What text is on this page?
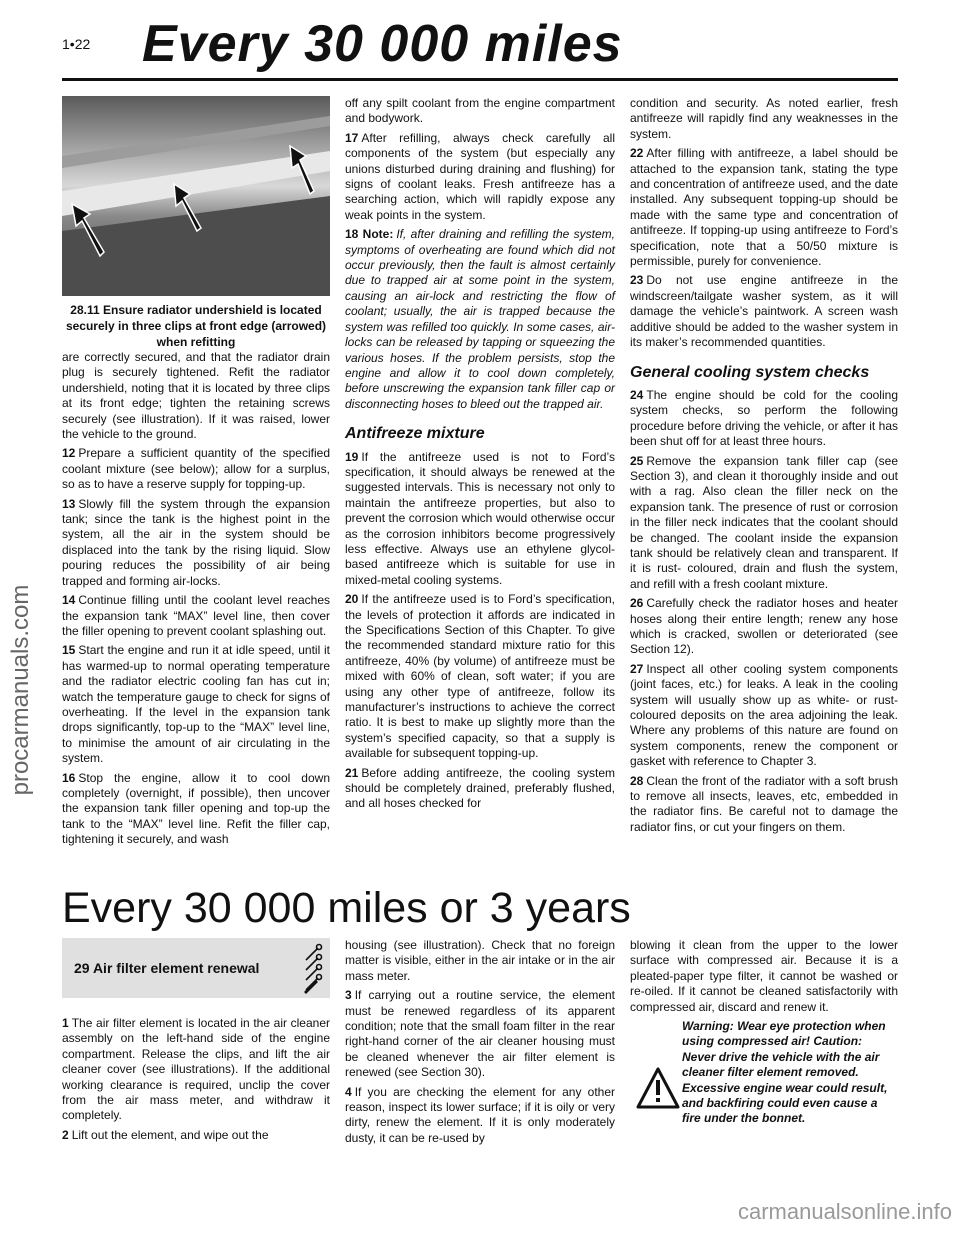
1•22 Every 30 000 miles
procarmanuals.com
28.11 Ensure radiator undershield is located securely in three clips at front edge (arrowed) when refitting

are correctly secured, and that the radiator drain plug is securely tightened. Refit the radiator undershield, noting that it is located by three clips at its front edge; tighten the retaining screws securely (see illustration). If it was raised, lower the vehicle to the ground.

12 Prepare a sufficient quantity of the specified coolant mixture (see below); allow for a surplus, so as to have a reserve supply for topping-up.

13 Slowly fill the system through the expansion tank; since the tank is the highest point in the system, all the air in the system should be displaced into the tank by the rising liquid. Slow pouring reduces the possibility of air being trapped and forming air-locks.

14 Continue filling until the coolant level reaches the expansion tank “MAX” level line, then cover the filler opening to prevent coolant splashing out.

15 Start the engine and run it at idle speed, until it has warmed-up to normal operating temperature and the radiator electric cooling fan has cut in; watch the temperature gauge to check for signs of overheating. If the level in the expansion tank drops significantly, top-up to the “MAX” level line, to minimise the amount of air circulating in the system.

16 Stop the engine, allow it to cool down completely (overnight, if possible), then uncover the expansion tank filler opening and top-up the tank to the “MAX” level line. Refit the filler cap, tightening it securely, and wash

off any spilt coolant from the engine compartment and bodywork.

17 After refilling, always check carefully all components of the system (but especially any unions disturbed during draining and flushing) for signs of coolant leaks. Fresh antifreeze has a searching action, which will rapidly expose any weak points in the system.

18 Note: If, after draining and refilling the system, symptoms of overheating are found which did not occur previously, then the fault is almost certainly due to trapped air at some point in the system, causing an air-lock and restricting the flow of coolant; usually, the air is trapped because the system was refilled too quickly. In some cases, air-locks can be released by tapping or squeezing the various hoses. If the problem persists, stop the engine and allow it to cool down completely, before unscrewing the expansion tank filler cap or disconnecting hoses to bleed out the trapped air.

Antifreeze mixture

19 If the antifreeze used is not to Ford’s specification, it should always be renewed at the suggested intervals. This is necessary not only to maintain the antifreeze properties, but also to prevent the corrosion which would otherwise occur as the corrosion inhibitors become progressively less effective. Always use an ethylene glycol-based antifreeze which is suitable for use in mixed-metal cooling systems.

20 If the antifreeze used is to Ford’s specification, the levels of protection it affords are indicated in the Specifications Section of this Chapter. To give the recommended standard mixture ratio for this antifreeze, 40% (by volume) of antifreeze must be mixed with 60% of clean, soft water; if you are using any other type of antifreeze, follow its manufacturer’s instructions to achieve the correct ratio. It is best to make up slightly more than the system’s specified capacity, so that a supply is available for subsequent topping-up.

21 Before adding antifreeze, the cooling system should be completely drained, preferably flushed, and all hoses checked for

condition and security. As noted earlier, fresh antifreeze will rapidly find any weaknesses in the system.

22 After filling with antifreeze, a label should be attached to the expansion tank, stating the type and concentration of antifreeze used, and the date installed. Any subsequent topping-up should be made with the same type and concentration of antifreeze. If topping-up using antifreeze to Ford’s specification, note that a 50/50 mixture is permissible, purely for convenience.

23 Do not use engine antifreeze in the windscreen/tailgate washer system, as it will damage the vehicle’s paintwork. A screen wash additive should be added to the washer system in its maker’s recommended quantities.

General cooling system checks

24 The engine should be cold for the cooling system checks, so perform the following procedure before driving the vehicle, or after it has been shut off for at least three hours.

25 Remove the expansion tank filler cap (see Section 3), and clean it thoroughly inside and out with a rag. Also clean the filler neck on the expansion tank. The presence of rust or corrosion in the filler neck indicates that the coolant should be changed. The coolant inside the expansion tank should be relatively clean and transparent. If it is rust- coloured, drain and flush the system, and refill with a fresh coolant mixture.

26 Carefully check the radiator hoses and heater hoses along their entire length; renew any hose which is cracked, swollen or deteriorated (see Section 12).

27 Inspect all other cooling system components (joint faces, etc.) for leaks. A leak in the cooling system will usually show up as white- or rust-coloured deposits on the area adjoining the leak. Where any problems of this nature are found on system components, renew the component or gasket with reference to Chapter 3.

28 Clean the front of the radiator with a soft brush to remove all insects, leaves, etc, embedded in the radiator fins. Be careful not to damage the radiator fins, or cut your fingers on them.

Every 30 000 miles or 3 years
29 Air filter element renewal

1 The air filter element is located in the air cleaner assembly on the left-hand side of the engine compartment. Release the clips, and lift the air cleaner cover (see illustrations). If the additional working clearance is required, unclip the cover from the air mass meter, and withdraw it completely.

2 Lift out the element, and wipe out the

housing (see illustration). Check that no foreign matter is visible, either in the air intake or in the air mass meter.

3 If carrying out a routine service, the element must be renewed regardless of its apparent condition; note that the small foam filter in the rear right-hand corner of the air cleaner housing must be cleaned whenever the air filter element is renewed (see Section 30).

4 If you are checking the element for any other reason, inspect its lower surface; if it is oily or very dirty, renew the element. If it is only moderately dusty, it can be re-used by

blowing it clean from the upper to the lower surface with compressed air. Because it is a pleated-paper type filter, it cannot be washed or re-oiled. If it cannot be cleaned satisfactorily with compressed air, discard and renew it.

Warning: Wear eye protection when using compressed air! Caution: Never drive the vehicle with the air cleaner filter element removed. Excessive engine wear could result, and backfiring could even cause a fire under the bonnet.

carmanualsonline.info
